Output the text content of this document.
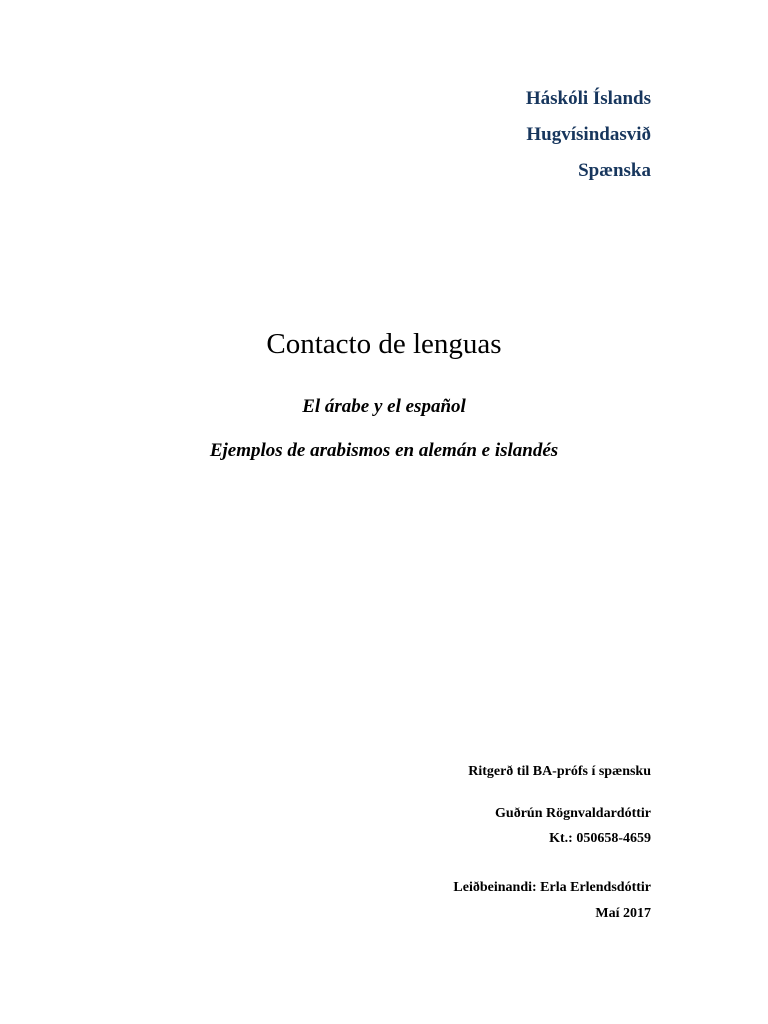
Háskóli Íslands
Hugvísindasvið
Spænska
Contacto de lenguas
El árabe y el español
Ejemplos de arabismos en alemán e islandés
Ritgerð til BA-prófs í spænsku
Guðrún Rögnvaldardóttir
Kt.: 050658-4659
Leiðbeinandi: Erla Erlendsdóttir
Maí 2017
